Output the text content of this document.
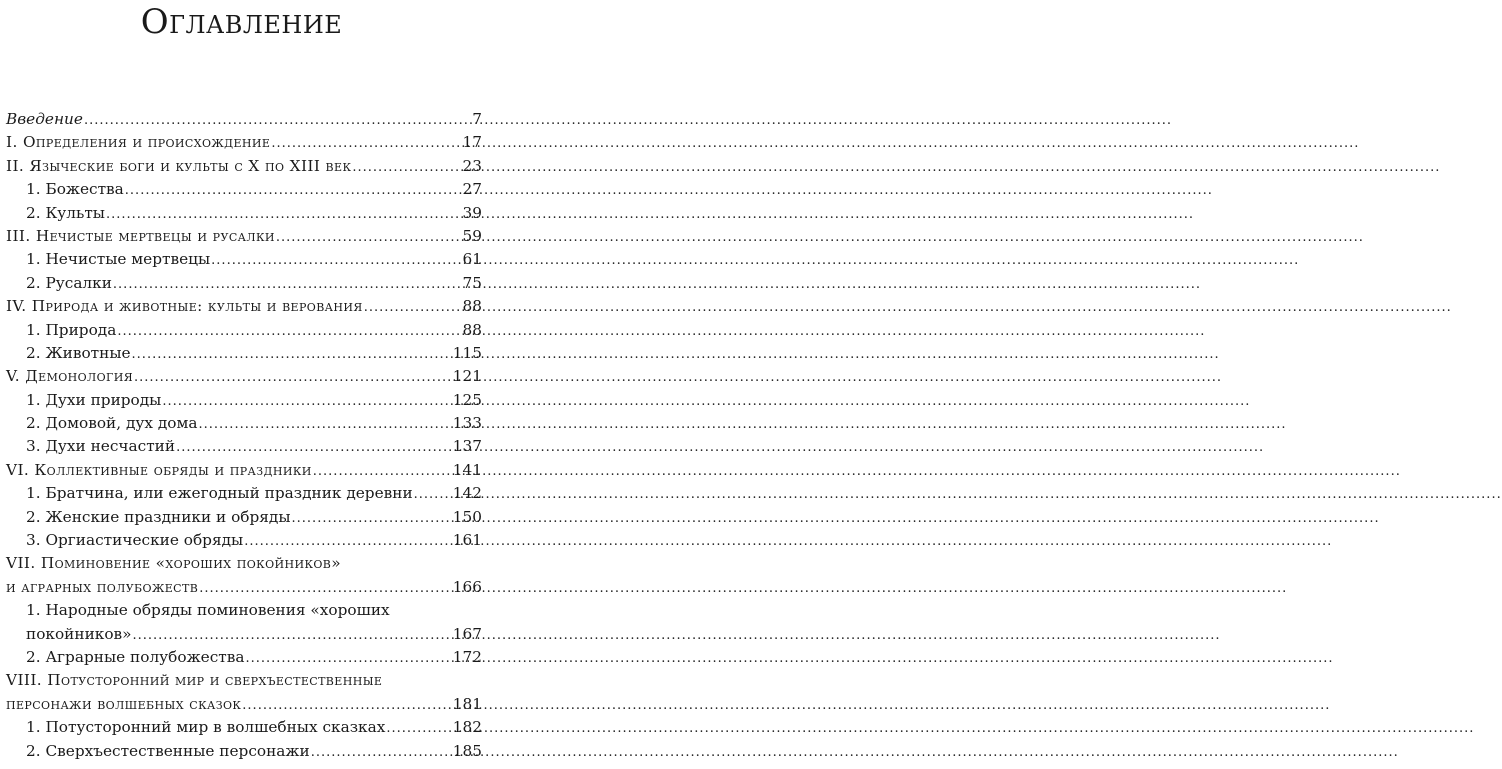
Оглавление
Введение .....	7
I. Определения и происхождение .....	17
II. Языческие боги и культы с X по XIII век .....	23
1. Божества .....	27
2. Культы .....	39
III. Нечистые мертвецы и русалки .....	59
1. Нечистые мертвецы .....	61
2. Русалки .....	75
IV. Природа и животные: культы и верования .....	88
1. Природа .....	88
2. Животные .....	115
V. Демонология .....	121
1. Духи природы .....	125
2. Домовой, дух дома .....	133
3. Духи несчастий .....	137
VI. Коллективные обряды и праздники .....	141
1. Братчина, или ежегодный праздник деревни .....	142
2. Женские праздники и обряды .....	150
3. Оргиастические обряды .....	161
VII. Поминовение «хороших покойников»
и аграрных полубожеств .....	166
1. Народные обряды поминовения «хороших
покойников» .....	167
2. Аграрные полубожества .....	172
VIII. Потусторонний мир и сверхъестественные
персонажи волшебных сказок .....	181
1. Потусторонний мир в волшебных сказках .....	182
2. Сверхъестественные персонажи .....	185
